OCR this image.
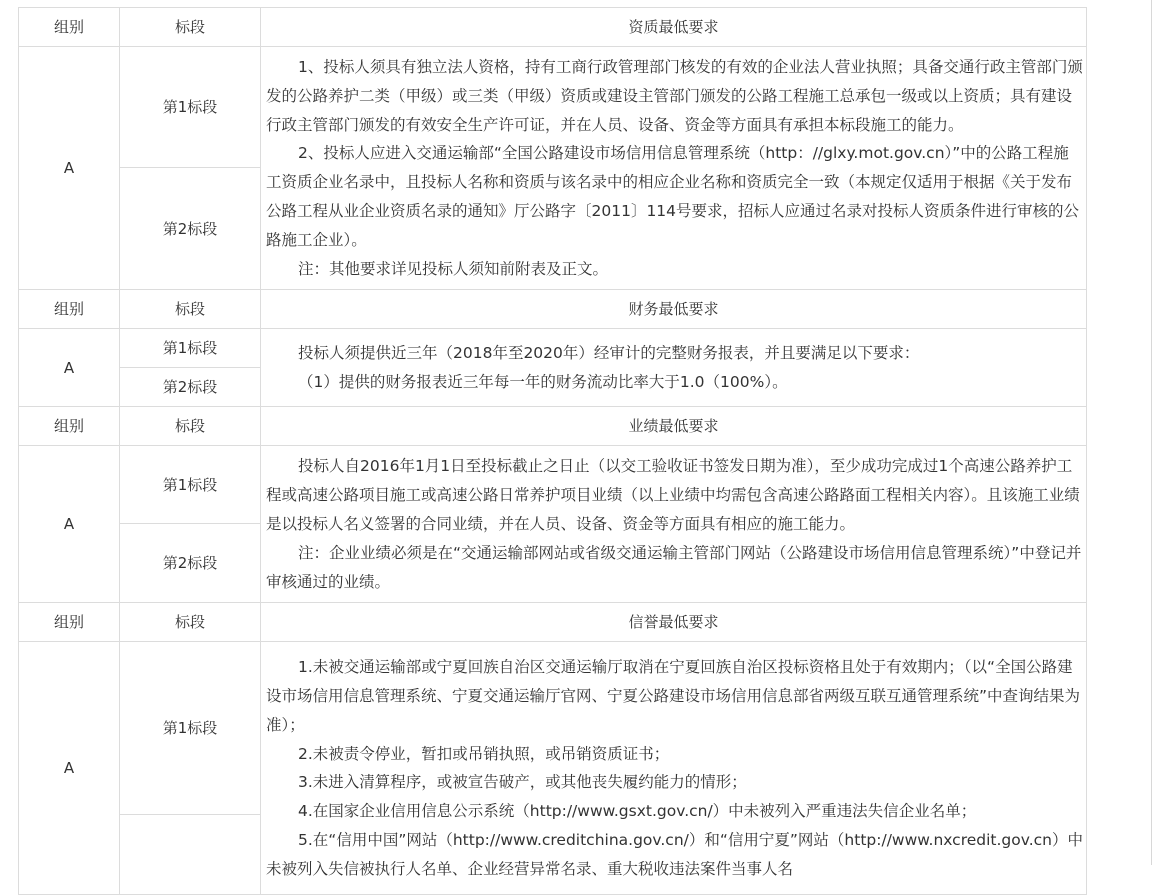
组别	标段	资质最低要求
A	第1标段	1、投标人须具有独立法人资格，持有工商行政管理部门核发的有效的企业法人营业执照；具备交通行政主管部门颁发的公路养护二类（甲级）或三类（甲级）资质或建设主管部门颁发的公路工程施工总承包一级或以上资质；具有建设行政主管部门颁发的有效安全生产许可证，并在人员、设备、资金等方面具有承担本标段施工的能力。

2、投标人应进入交通运输部“全国公路建设市场信用信息管理系统（http：//glxy.mot.gov.cn）”中的公路工程施工资质企业名录中，且投标人名称和资质与该名录中的相应企业名称和资质完全一致（本规定仅适用于根据《关于发布公路工程从业企业资质名录的通知》厅公路字〔2011〕114号要求，招标人应通过名录对投标人资质条件进行审核的公路施工企业）。

注：其他要求详见投标人须知前附表及正文。

	第2标段	
组别	标段	财务最低要求
A	第1标段	投标人须提供近三年（2018年至2020年）经审计的完整财务报表，并且要满足以下要求：

（1）提供的财务报表近三年每一年的财务流动比率大于1.0（100%）。

	第2标段	
组别	标段	业绩最低要求
A	第1标段	投标人自2016年1月1日至投标截止之日止（以交工验收证书签发日期为准），至少成功完成过1个高速公路养护工程或高速公路项目施工或高速公路日常养护项目业绩（以上业绩中均需包含高速公路路面工程相关内容）。且该施工业绩是以投标人名义签署的合同业绩，并在人员、设备、资金等方面具有相应的施工能力。

注：企业业绩必须是在“交通运输部网站或省级交通运输主管部门网站（公路建设市场信用信息管理系统）”中登记并审核通过的业绩。

	第2标段	
组别	标段	信誉最低要求
A	第1标段	1.未被交通运输部或宁夏回族自治区交通运输厅取消在宁夏回族自治区投标资格且处于有效期内；（以“全国公路建设市场信用信息管理系统、宁夏交通运输厅官网、宁夏公路建设市场信用信息部省两级互联互通管理系统”中查询结果为准）；

2.未被责令停业，暂扣或吊销执照，或吊销资质证书；

3.未进入清算程序，或被宣告破产，或其他丧失履约能力的情形；

4.在国家企业信用信息公示系统（http://www.gsxt.gov.cn/）中未被列入严重违法失信企业名单；

5.在“信用中国”网站（http://www.creditchina.gov.cn/）和“信用宁夏”网站（http://www.nxcredit.gov.cn）中未被列入失信被执行人名单、企业经营异常名录、重大税收违法案件当事人名
